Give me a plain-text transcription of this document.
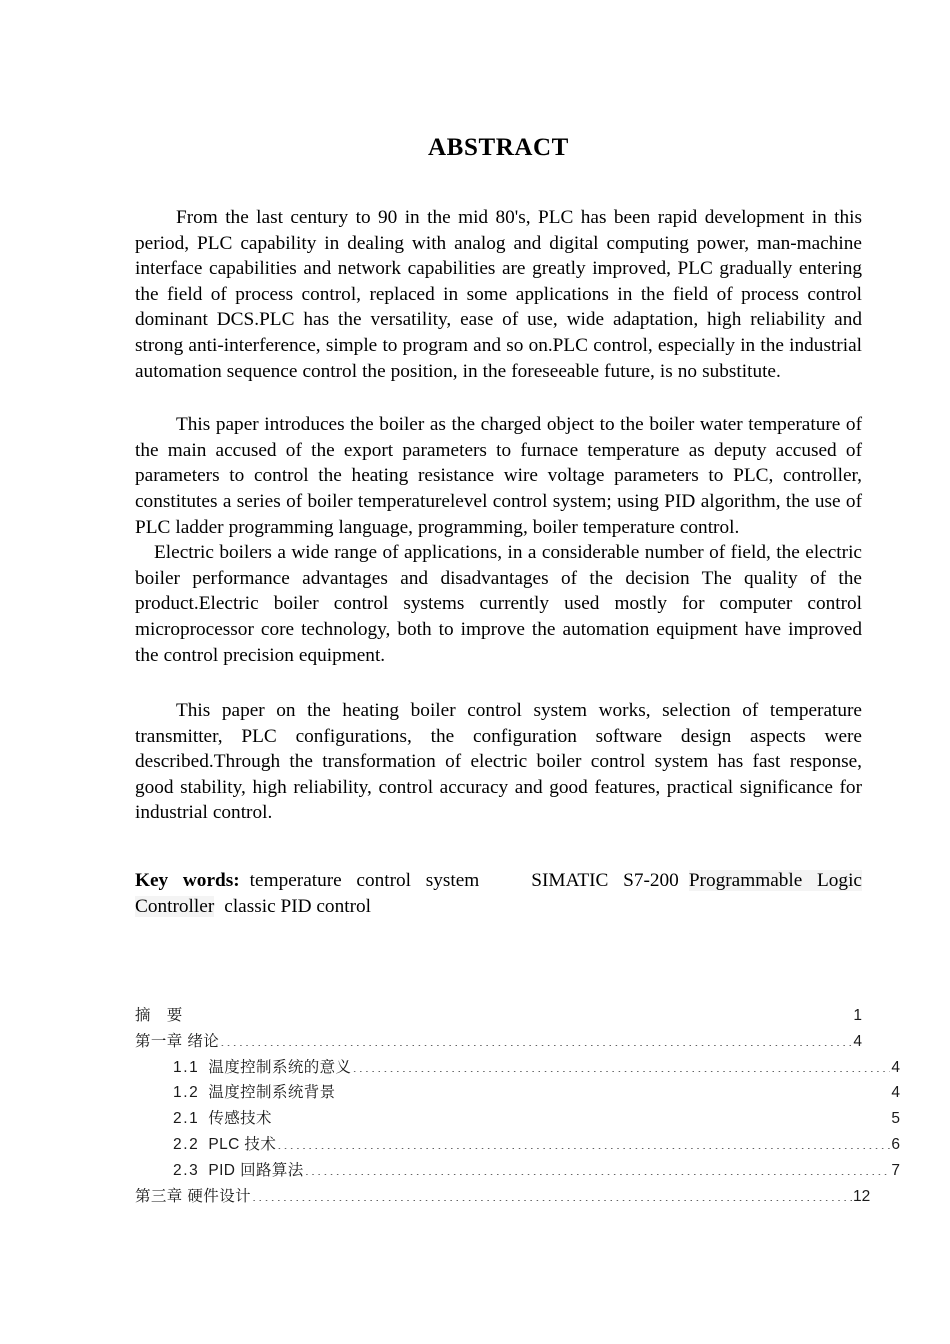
ABSTRACT

From the last century to 90 in the mid 80's, PLC has been rapid development in this period, PLC capability in dealing with analog and digital computing power, man-machine interface capabilities and network capabilities are greatly improved, PLC gradually entering the field of process control, replaced in some applications in the field of process control dominant DCS.PLC has the versatility, ease of use, wide adaptation, high reliability and strong anti-interference, simple to program and so on.PLC control, especially in the industrial automation sequence control the position, in the foreseeable future, is no substitute.

This paper introduces the boiler as the charged object to the boiler water temperature of the main accused of the export parameters to furnace temperature as deputy accused of parameters to control the heating resistance wire voltage parameters to PLC, controller, constitutes a series of boiler temperaturelevel control system; using PID algorithm, the use of PLC ladder programming language, programming, boiler temperature control.

Electric boilers a wide range of applications, in a considerable number of field, the electric boiler performance advantages and disadvantages of the decision The quality of the product.Electric boiler control systems currently used mostly for computer control microprocessor core technology, both to improve the automation equipment have improved the control precision equipment.

This paper on the heating boiler control system works, selection of temperature transmitter, PLC configurations, the configuration software design aspects were described.Through the transformation of electric boiler control system has fast response, good stability, high reliability, control accuracy and good features, practical significance for industrial control.

Key words: temperature control system	SIMATIC S7-200 Programmable Logic Controller classic PID control

摘　要 .....	1
第一章 绪论 .....	4
1.1 温度控制系统的意义 .....	4
1.2 温度控制系统背景 .....	4
2.1 传感技术 .....	5
2.2 PLC 技术 .....	6
2.3 PID 回路算法 .....	7
第三章 硬件设计 .....	12
